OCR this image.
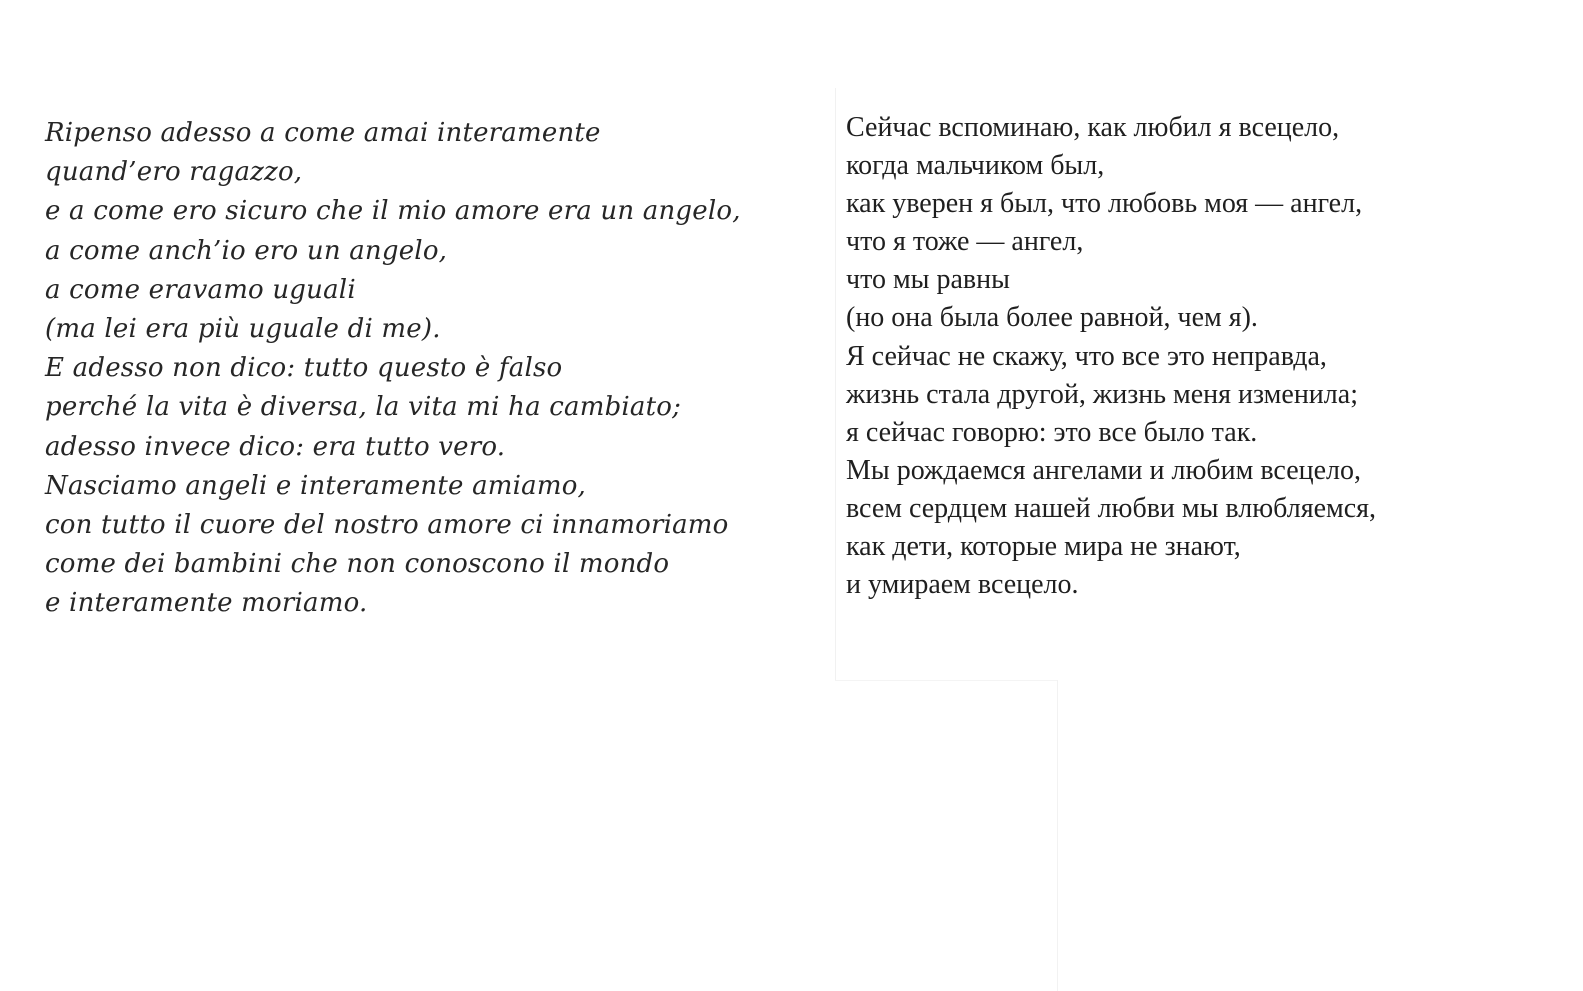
Ripenso adesso a come amai interamente
quand’ero ragazzo,
e a come ero sicuro che il mio amore era un angelo,
a come anch’io ero un angelo,
a come eravamo uguali
(ma lei era più uguale di me).
E adesso non dico: tutto questo è falso
perché la vita è diversa, la vita mi ha cambiato;
adesso invece dico: era tutto vero.
Nasciamo angeli e interamente amiamo,
con tutto il cuore del nostro amore ci innamoriamo
come dei bambini che non conoscono il mondo
e interamente moriamo.
Сейчас вспоминаю, как любил я всецело,
когда мальчиком был,
как уверен я был, что любовь моя — ангел,
что я тоже — ангел,
что мы равны
(но она была более равной, чем я).
Я сейчас не скажу, что все это неправда,
жизнь стала другой, жизнь меня изменила;
я сейчас говорю: это все было так.
Мы рождаемся ангелами и любим всецело,
всем сердцем нашей любви мы влюбляемся,
как дети, которые мира не знают,
и умираем всецело.
